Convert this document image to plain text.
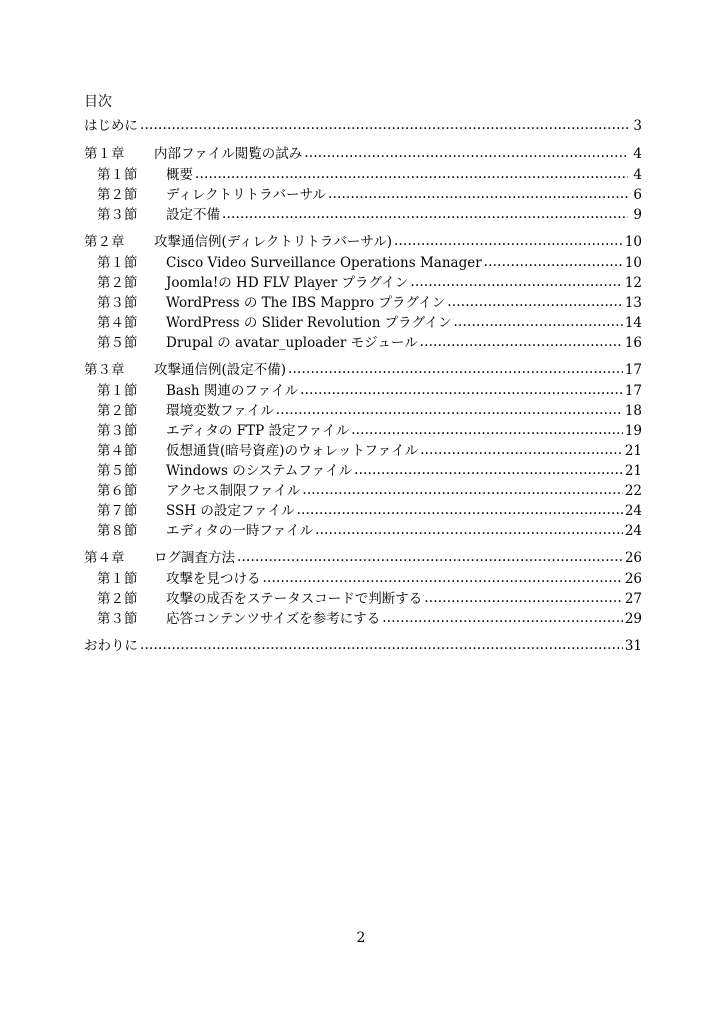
目次
はじめに .....	3
第１章	内部ファイル閲覧の試み .....	4
第１節	概要 .....	4
第２節	ディレクトリトラバーサル .....	6
第３節	設定不備 .....	9
第２章	攻撃通信例(ディレクトリトラバーサル) .....	10
第１節	Cisco Video Surveillance Operations Manager .....	10
第２節	Joomla!の HD FLV Player プラグイン .....	12
第３節	WordPress の The IBS Mappro プラグイン .....	13
第４節	WordPress の Slider Revolution プラグイン .....	14
第５節	Drupal の avatar_uploader モジュール .....	16
第３章	攻撃通信例(設定不備) .....	17
第１節	Bash 関連のファイル .....	17
第２節	環境変数ファイル .....	18
第３節	エディタの FTP 設定ファイル .....	19
第４節	仮想通貨(暗号資産)のウォレットファイル .....	21
第５節	Windows のシステムファイル .....	21
第６節	アクセス制限ファイル .....	22
第７節	SSH の設定ファイル .....	24
第８節	エディタの一時ファイル .....	24
第４章	ログ調査方法 .....	26
第１節	攻撃を見つける .....	26
第２節	攻撃の成否をステータスコードで判断する .....	27
第３節	応答コンテンツサイズを参考にする .....	29
おわりに .....	31
2
